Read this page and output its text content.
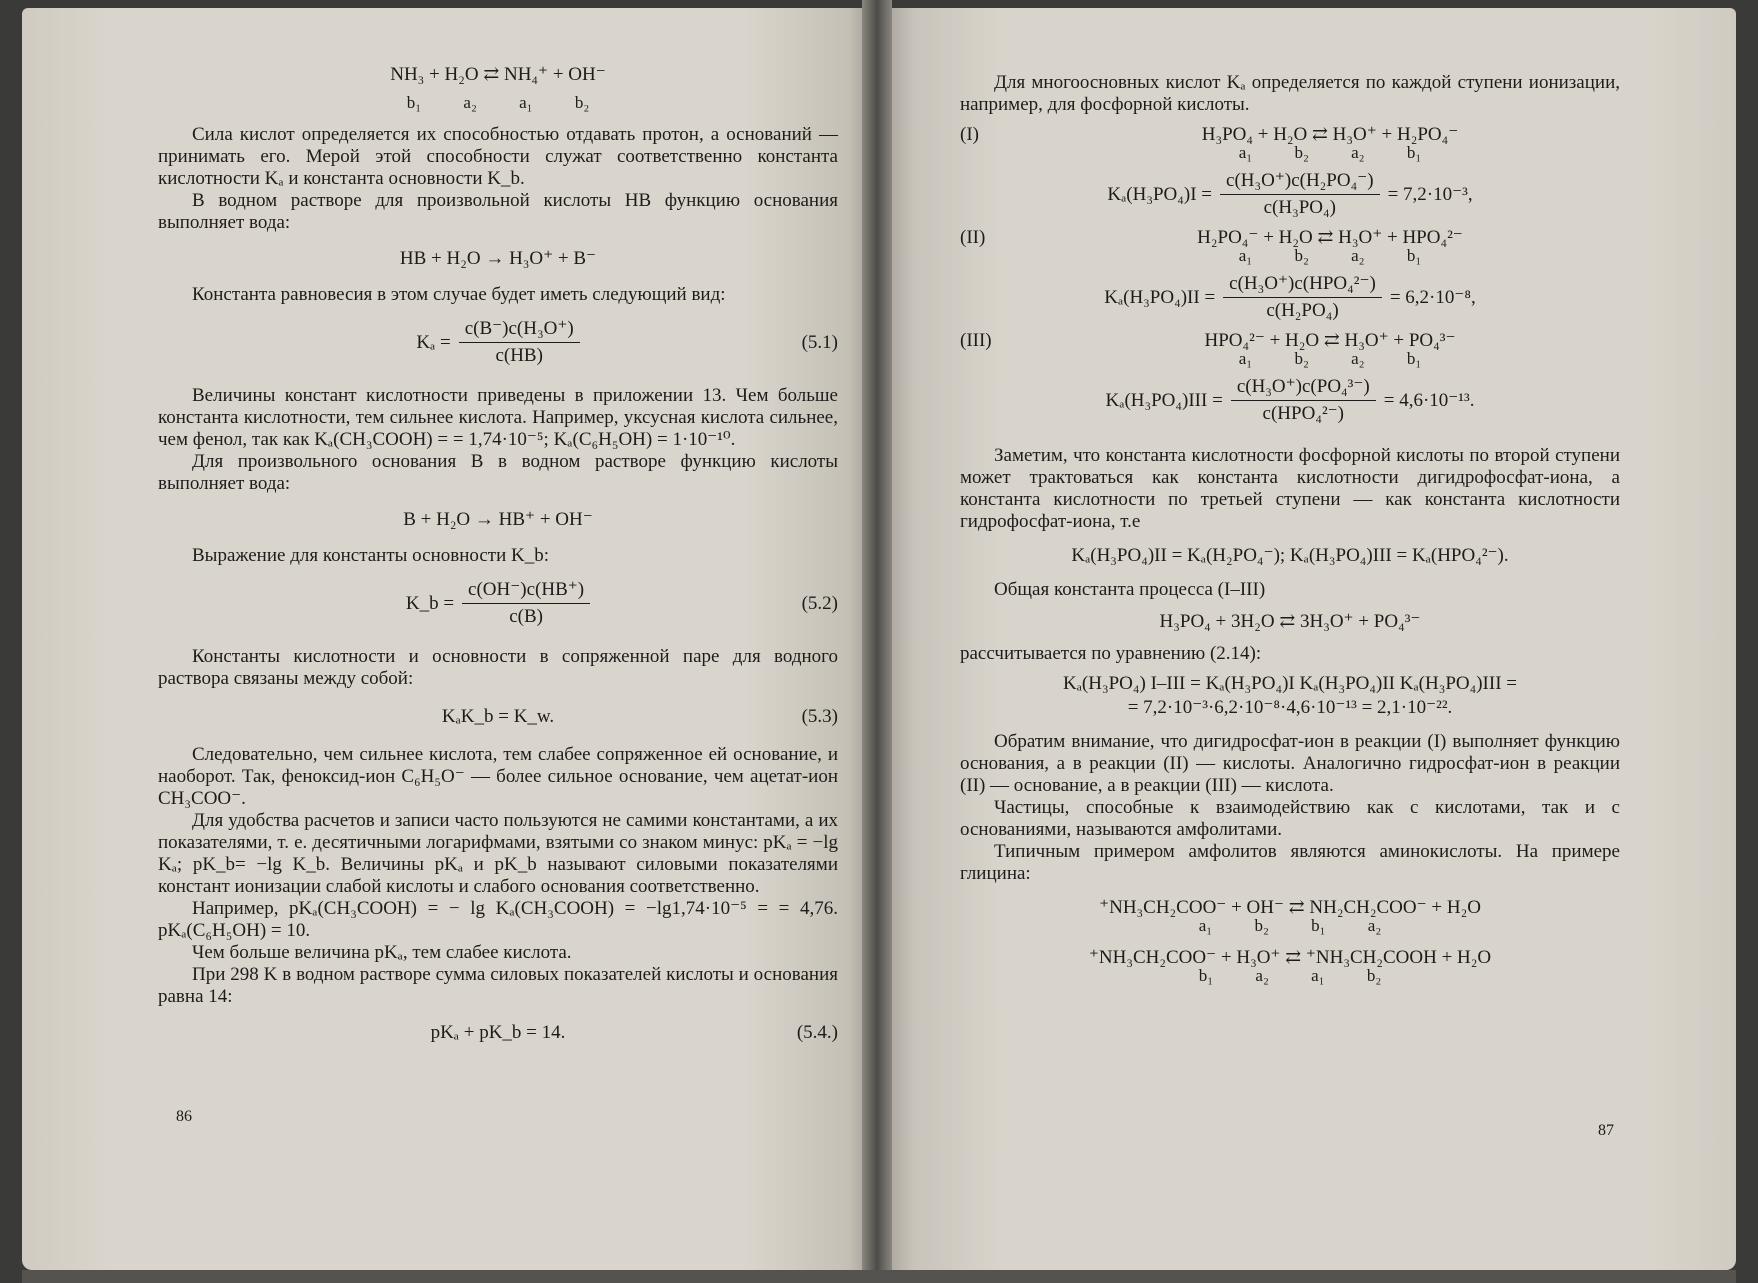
NH₃ + H₂O ⇄ NH₄⁺ + OH⁻
b₁ a₂ a₁ b₂

Сила кислот определяется их способностью отдавать протон, а оснований — принимать его. Мерой этой способности служат соответственно константа кислотности Kₐ и константа основности K_b.

В водном растворе для произвольной кислоты HB функцию основания выполняет вода:

HB + H₂O → H₃O⁺ + B⁻

Константа равновесия в этом случае будет иметь следующий вид:

$K_a = \frac{\text{c(B⁻)c(H₃O⁺)}}{c(HB)}$	(5.1)

Величины констант кислотности приведены в приложении 13. Чем больше константа кислотности, тем сильнее кислота. Например, уксусная кислота сильнее, чем фенол, так как Kₐ(CH₃COOH) = = 1,74·10⁻⁵; Kₐ(C₆H₅OH) = 1·10⁻¹⁰.

Для произвольного основания B в водном растворе функцию кислоты выполняет вода:

B + H₂O → HB⁺ + OH⁻

Выражение для константы основности K_b:

K_b = $\frac{c(OH^-)c(HB^+)}{c(B)}$	(5.2)

Константы кислотности и основности в сопряженной паре для водного раствора связаны между собой:

KₐK_b = K_w.	(5.3)

Следовательно, чем сильнее кислота, тем слабее сопряженное ей основание, и наоборот. Так, феноксид-ион C₆H₅O⁻ — более сильное основание, чем ацетат-ион CH₃COO⁻.

Для удобства расчетов и записи часто пользуются не самими константами, а их показателями, т. е. десятичными логарифмами, взятыми со знаком минус: pKₐ = −lg Kₐ; pK_b= −lg K_b. Величины pKₐ и pK_b называют силовыми показателями констант ионизации слабой кислоты и слабого основания соответственно.

Например, pKₐ(CH₃COOH) = − lg Kₐ(CH₃COOH) = −lg1,74·10⁻⁵ = = 4,76. pKₐ(C₆H₅OH) = 10.

Чем больше величина pKₐ, тем слабее кислота.

При 298 K в водном растворе сумма силовых показателей кислоты и основания равна 14:

pKₐ + pK_b = 14.	(5.4.)
86

Для многоосновных кислот Kₐ определяется по каждой ступени ионизации, например, для фосфорной кислоты.

(I)	H₃PO₄ + H₂O ⇄ H₃O⁺ + H₂PO₄⁻
a₁ b₂ a₂ b₁
$K_a(H_3PO_4)I = \frac{\text{c(H₃O⁺)c(H₂PO₄⁻)}}{\text{c(H₃PO₄)}} = 7,2\cdot 10^{-3}$,
(II)	H₂PO₄⁻ + H₂O ⇄ H₃O⁺ + HPO₄²⁻
a₁ b₂ a₂ b₁
$K_a(H_3PO_4)II = \frac{\text{c(H₃O⁺)c(HPO₄²⁻)}}{\text{c(H₂PO₄)}} = 6,2\cdot 10^{-8}$,
(III)	HPO₄²⁻ + H₂O ⇄ H₃O⁺ + PO₄³⁻
a₁ b₂ a₂ b₁
$K_a(H_3PO_4)III = \frac{\text{c(H₃O⁺)c(PO₄³⁻)}}{\text{c(HPO₄²⁻)}} = 4,6\cdot 10^{-13}$.

Заметим, что константа кислотности фосфорной кислоты по второй ступени может трактоваться как константа кислотности дигидрофосфат-иона, а константа кислотности по третьей ступени — как константа кислотности гидрофосфат-иона, т.е

Kₐ(H₃PO₄)II = Kₐ(H₂PO₄⁻); Kₐ(H₃PO₄)III = Kₐ(HPO₄²⁻).

Общая константа процесса (I–III)

H₃PO₄ + 3H₂O ⇄ 3H₃O⁺ + PO₄³⁻

рассчитывается по уравнению (2.14):

Kₐ(H₃PO₄) I–III = Kₐ(H₃PO₄)I Kₐ(H₃PO₄)II Kₐ(H₃PO₄)III =
= 7,2·10⁻³·6,2·10⁻⁸·4,6·10⁻¹³ = 2,1·10⁻²².

Обратим внимание, что дигидросфат-ион в реакции (I) выполняет функцию основания, а в реакции (II) — кислоты. Аналогично гидросфат-ион в реакции (II) — основание, а в реакции (III) — кислота.

Частицы, способные к взаимодействию как с кислотами, так и с основаниями, называются амфолитами.

Типичным примером амфолитов являются аминокислоты. На примере глицина:

⁺NH₃CH₂COO⁻ + OH⁻ ⇄ NH₂CH₂COO⁻ + H₂O
a₁ b₂ b₁ a₂
⁺NH₃CH₂COO⁻ + H₃O⁺ ⇄ ⁺NH₃CH₂COOH + H₂O
b₁ a₂ a₁ b₂
87
